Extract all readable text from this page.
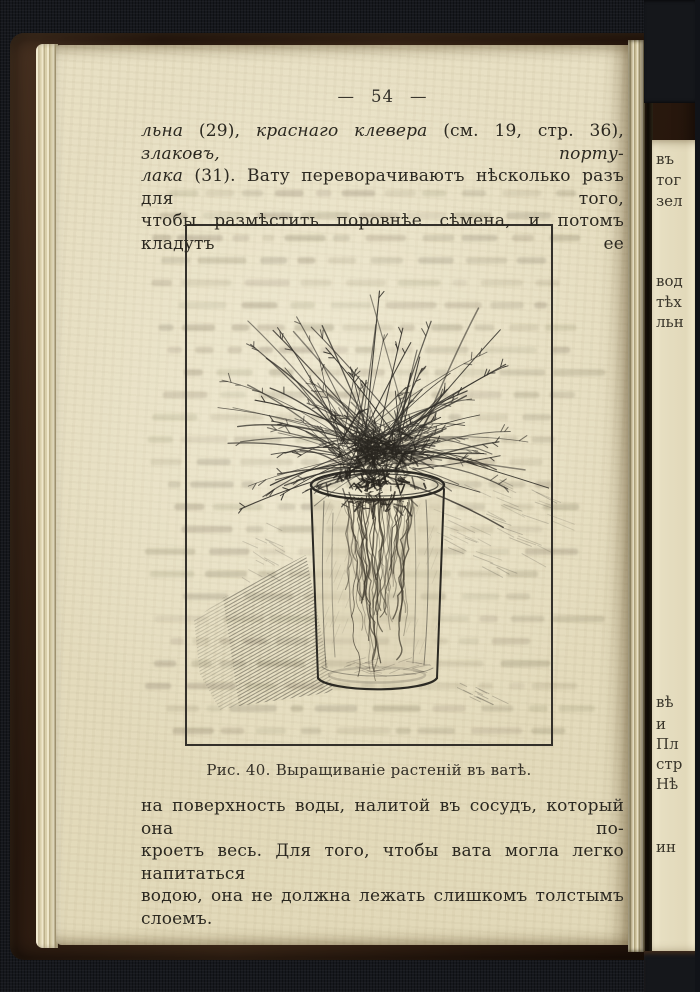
— 54 —
льна (29), краснаго клевера (см. 19, стр. 36), злаковъ, порту-
лака (31). Вату переворачиваютъ нѣсколько разъ для того,
чтобы размѣстить поровнѣе сѣмена, и потомъ кладутъ ее
Рис. 40. Выращиваніе растеній въ ватѣ.
на поверхность воды, налитой въ сосудъ, который она по-
кроетъ весь. Для того, чтобы вата могла легко напитаться
водою, она не должна лежать слишкомъ толстымъ слоемъ.
въ
тог
зел
вод
тѣх
льн
вѣ
и
Пл
стр
Нѣ
ин
